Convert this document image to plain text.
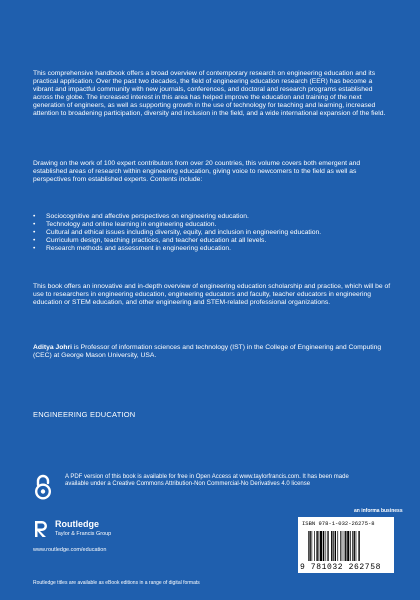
This comprehensive handbook offers a broad overview of contemporary research on engineering education and its practical application. Over the past two decades, the field of engineering education research (EER) has become a vibrant and impactful community with new journals, conferences, and doctoral and research programs established across the globe. The increased interest in this area has helped improve the education and training of the next generation of engineers, as well as supporting growth in the use of technology for teaching and learning, increased attention to broadening participation, diversity and inclusion in the field, and a wide international expansion of the field.
Drawing on the work of 100 expert contributors from over 20 countries, this volume covers both emergent and established areas of research within engineering education, giving voice to newcomers to the field as well as perspectives from established experts. Contents include:
• Sociocognitive and affective perspectives on engineering education.
• Technology and online learning in engineering education.
• Cultural and ethical issues including diversity, equity, and inclusion in engineering education.
• Curriculum design, teaching practices, and teacher education at all levels.
• Research methods and assessment in engineering education.
This book offers an innovative and in-depth overview of engineering education scholarship and practice, which will be of use to researchers in engineering education, engineering educators and faculty, teacher educators in engineering education or STEM education, and other engineering and STEM-related professional organizations.
Aditya Johri is Professor of information sciences and technology (IST) in the College of Engineering and Computing (CEC) at George Mason University, USA.
ENGINEERING EDUCATION
A PDF version of this book is available for free in Open Access at www.taylorfrancis.com. It has been made available under a Creative Commons Attribution-Non Commercial-No Derivatives 4.0 license
an informa business
Routledge
Taylor & Francis Group
www.routledge.com/education
ISBN 978-1-032-26275-8
9 781032 262758
Routledge titles are available as eBook editions in a range of digital formats
